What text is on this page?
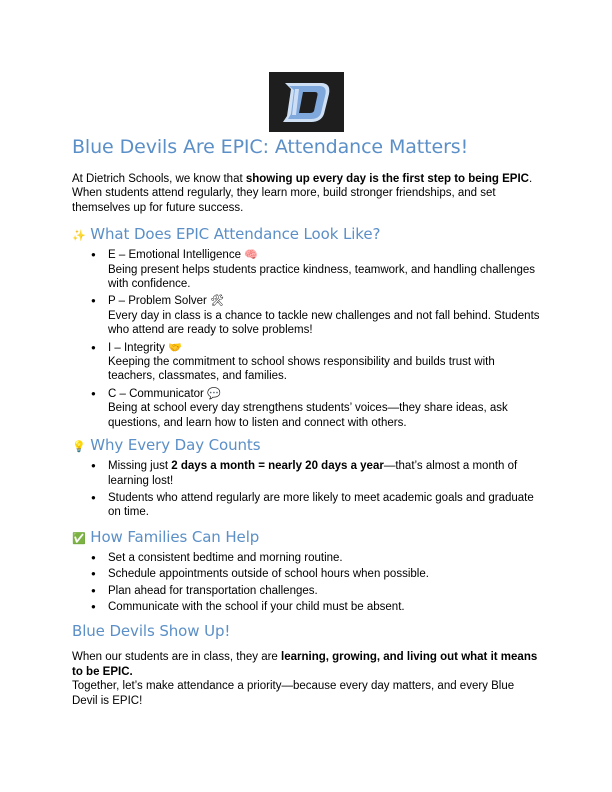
Blue Devils Are EPIC: Attendance Matters!

At Dietrich Schools, we know that showing up every day is the first step to being EPIC. When students attend regularly, they learn more, build stronger friendships, and set themselves up for future success.

✨ What Does EPIC Attendance Look Like?
● E – Emotional Intelligence 🧠
Being present helps students practice kindness, teamwork, and handling challenges with confidence.
● P – Problem Solver 🛠
Every day in class is a chance to tackle new challenges and not fall behind. Students who attend are ready to solve problems!
● I – Integrity 🤝
Keeping the commitment to school shows responsibility and builds trust with teachers, classmates, and families.
● C – Communicator 💬
Being at school every day strengthens students’ voices—they share ideas, ask questions, and learn how to listen and connect with others.
💡 Why Every Day Counts
● Missing just 2 days a month = nearly 20 days a year—that’s almost a month of learning lost!
● Students who attend regularly are more likely to meet academic goals and graduate on time.
✅ How Families Can Help
● Set a consistent bedtime and morning routine.
● Schedule appointments outside of school hours when possible.
● Plan ahead for transportation challenges.
● Communicate with the school if your child must be absent.
Blue Devils Show Up!

When our students are in class, they are learning, growing, and living out what it means to be EPIC.

Together, let’s make attendance a priority—because every day matters, and every Blue Devil is EPIC!
